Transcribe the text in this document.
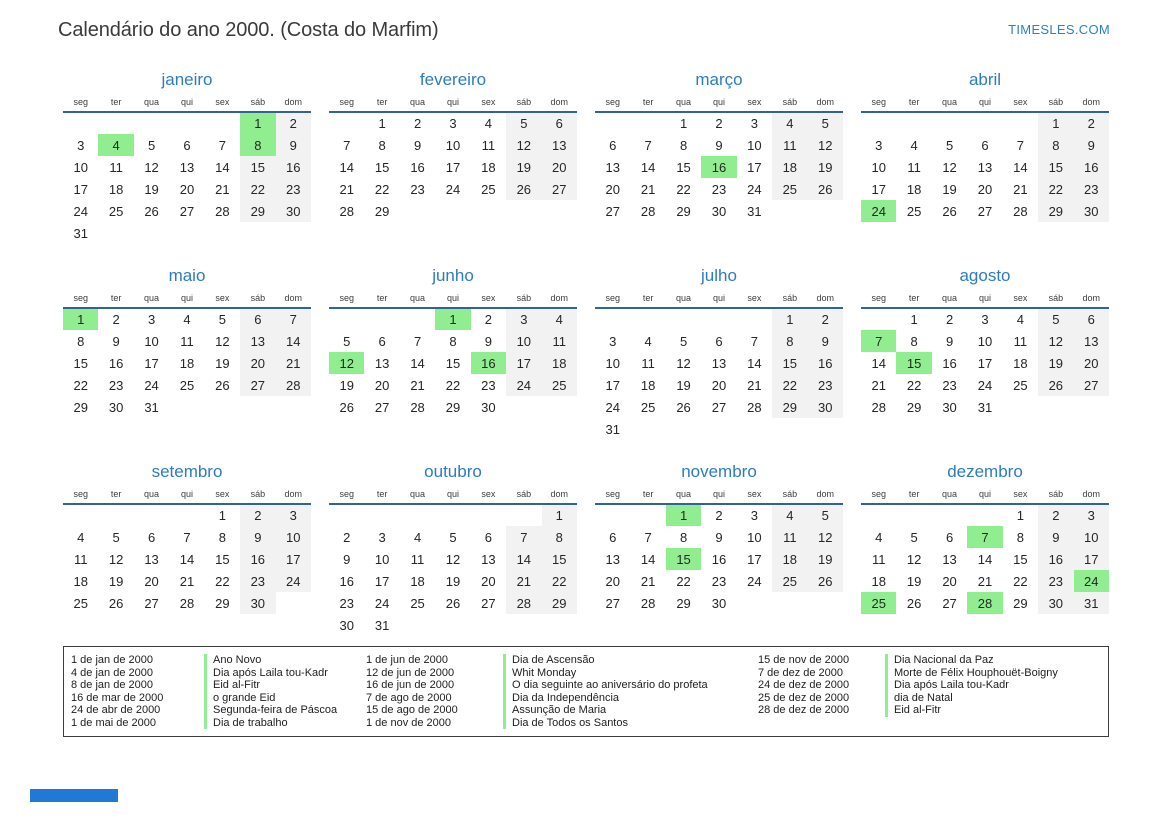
Calendário do ano 2000. (Costa do Marfim)	TIMESLES.COM
janeiro
seg	ter	qua	qui	sex	sáb	dom
					1	2
3	4	5	6	7	8	9
10	11	12	13	14	15	16
17	18	19	20	21	22	23
24	25	26	27	28	29	30
31						
fevereiro
seg	ter	qua	qui	sex	sáb	dom
	1	2	3	4	5	6
7	8	9	10	11	12	13
14	15	16	17	18	19	20
21	22	23	24	25	26	27
28	29					
março
seg	ter	qua	qui	sex	sáb	dom
		1	2	3	4	5
6	7	8	9	10	11	12
13	14	15	16	17	18	19
20	21	22	23	24	25	26
27	28	29	30	31		
abril
seg	ter	qua	qui	sex	sáb	dom
					1	2
3	4	5	6	7	8	9
10	11	12	13	14	15	16
17	18	19	20	21	22	23
24	25	26	27	28	29	30
maio
seg	ter	qua	qui	sex	sáb	dom
1	2	3	4	5	6	7
8	9	10	11	12	13	14
15	16	17	18	19	20	21
22	23	24	25	26	27	28
29	30	31				
junho
seg	ter	qua	qui	sex	sáb	dom
			1	2	3	4
5	6	7	8	9	10	11
12	13	14	15	16	17	18
19	20	21	22	23	24	25
26	27	28	29	30		
julho
seg	ter	qua	qui	sex	sáb	dom
					1	2
3	4	5	6	7	8	9
10	11	12	13	14	15	16
17	18	19	20	21	22	23
24	25	26	27	28	29	30
31						
agosto
seg	ter	qua	qui	sex	sáb	dom
	1	2	3	4	5	6
7	8	9	10	11	12	13
14	15	16	17	18	19	20
21	22	23	24	25	26	27
28	29	30	31			
setembro
seg	ter	qua	qui	sex	sáb	dom
				1	2	3
4	5	6	7	8	9	10
11	12	13	14	15	16	17
18	19	20	21	22	23	24
25	26	27	28	29	30	
outubro
seg	ter	qua	qui	sex	sáb	dom
						1
2	3	4	5	6	7	8
9	10	11	12	13	14	15
16	17	18	19	20	21	22
23	24	25	26	27	28	29
30	31					
novembro
seg	ter	qua	qui	sex	sáb	dom
		1	2	3	4	5
6	7	8	9	10	11	12
13	14	15	16	17	18	19
20	21	22	23	24	25	26
27	28	29	30			
dezembro
seg	ter	qua	qui	sex	sáb	dom
				1	2	3
4	5	6	7	8	9	10
11	12	13	14	15	16	17
18	19	20	21	22	23	24
25	26	27	28	29	30	31
1 de jan de 2000	Ano Novo
4 de jan de 2000	Dia após Laila tou-Kadr
8 de jan de 2000	Eid al-Fitr
16 de mar de 2000	o grande Eid
24 de abr de 2000	Segunda-feira de Páscoa
1 de mai de 2000	Dia de trabalho
1 de jun de 2000	Dia de Ascensão
12 de jun de 2000	Whit Monday
16 de jun de 2000	O dia seguinte ao aniversário do profeta
7 de ago de 2000	Dia da Independência
15 de ago de 2000	Assunção de Maria
1 de nov de 2000	Dia de Todos os Santos
15 de nov de 2000	Dia Nacional da Paz
7 de dez de 2000	Morte de Félix Houphouët-Boigny
24 de dez de 2000	Dia após Laila tou-Kadr
25 de dez de 2000	dia de Natal
28 de dez de 2000	Eid al-Fitr
